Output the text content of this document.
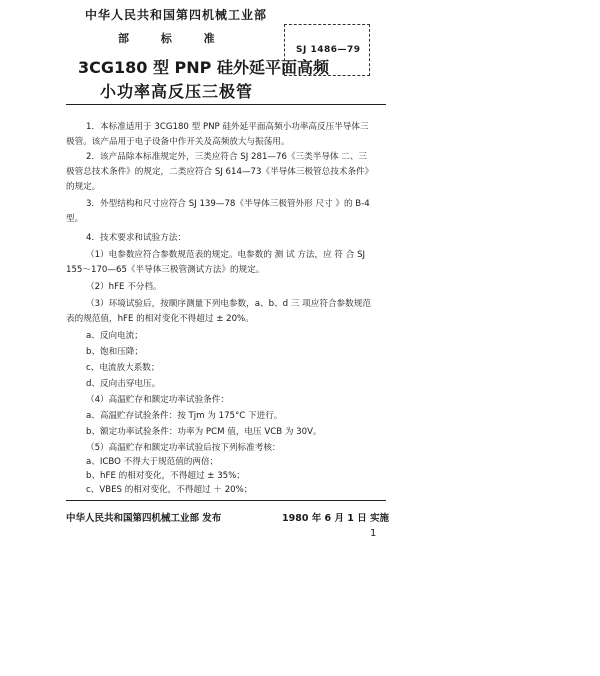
中华人民共和国第四机械工业部
部 标 准
SJ 1486—79
3CG180 型 PNP 硅外延平面高频
小功率高反压三极管
1．本标准适用于 3CG180 型 PNP 硅外延平面高频小功率高反压半导体三
极管。该产品用于电子设备中作开关及高频放大与振荡用。
2．该产品除本标准规定外，三类应符合 SJ 281—76《三类半导体 二、三
极管总技术条件》的规定，二类应符合 SJ 614—73《半导体三极管总技术条件》
的规定。
3．外型结构和尺寸应符合 SJ 139—78《半导体三极管外形 尺寸 》的 B-4
型。
4．技术要求和试验方法：
（1）电参数应符合参数规范表的规定。电参数的 测 试 方法，应 符 合 SJ
155～170—65《半导体三极管测试方法》的规定。
（2）hFE 不分档。
（3）环境试验后，按顺序测量下列电参数，a、b、d 三 项应符合参数规范
表的规范值，hFE 的相对变化不得超过 ± 20%。
a、反向电流；
b、饱和压降；
c、电流放大系数；
d、反向击穿电压。
（4）高温贮存和额定功率试验条件：
a、高温贮存试验条件：按 Tjm 为 175°C 下进行。
b、额定功率试验条件：功率为 PCM 值，电压 VCB 为 30V。
（5）高温贮存和额定功率试验后按下列标准考核：
a、ICBO 不得大于规范值的两倍；
b、hFE 的相对变化，不得超过 ± 35%；
c、VBES 的相对变化，不得超过 ＋ 20%；
中华人民共和国第四机械工业部 发布	1980 年 6 月 1 日 实施
1
